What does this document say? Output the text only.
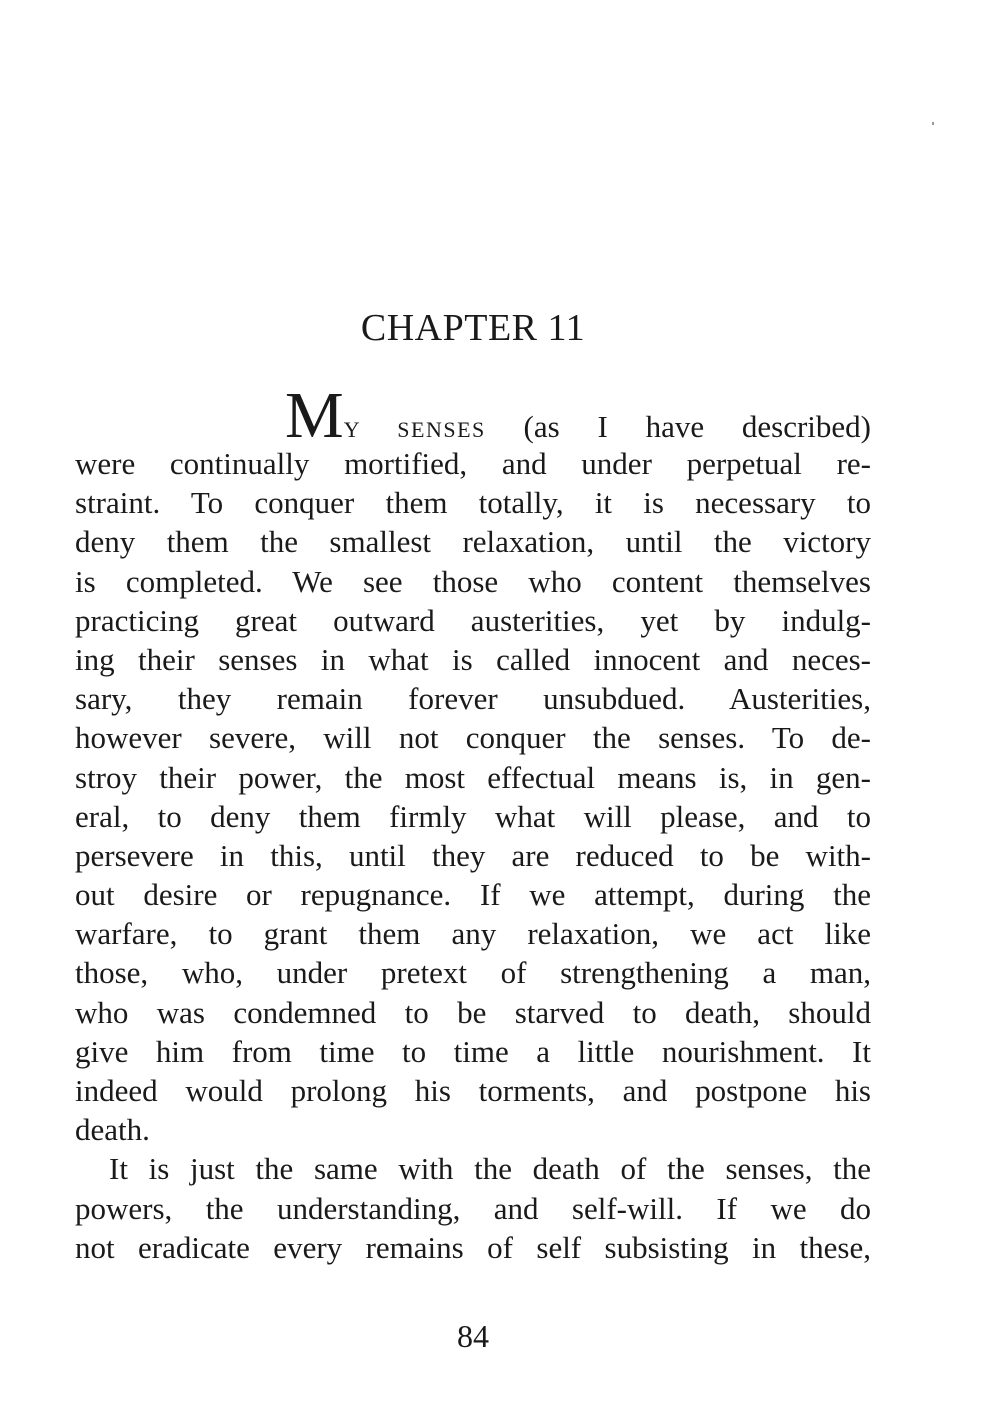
CHAPTER 11
MY SENSES (as I have described)
were continually mortified, and under perpetual re-
straint. To conquer them totally, it is necessary to
deny them the smallest relaxation, until the victory
is completed. We see those who content themselves
practicing great outward austerities, yet by indulg-
ing their senses in what is called innocent and neces-
sary, they remain forever unsubdued. Austerities,
however severe, will not conquer the senses. To de-
stroy their power, the most effectual means is, in gen-
eral, to deny them firmly what will please, and to
persevere in this, until they are reduced to be with-
out desire or repugnance. If we attempt, during the
warfare, to grant them any relaxation, we act like
those, who, under pretext of strengthening a man,
who was condemned to be starved to death, should
give him from time to time a little nourishment. It
indeed would prolong his torments, and postpone his
death.
It is just the same with the death of the senses, the
powers, the understanding, and self-will. If we do
not eradicate every remains of self subsisting in these,
84
